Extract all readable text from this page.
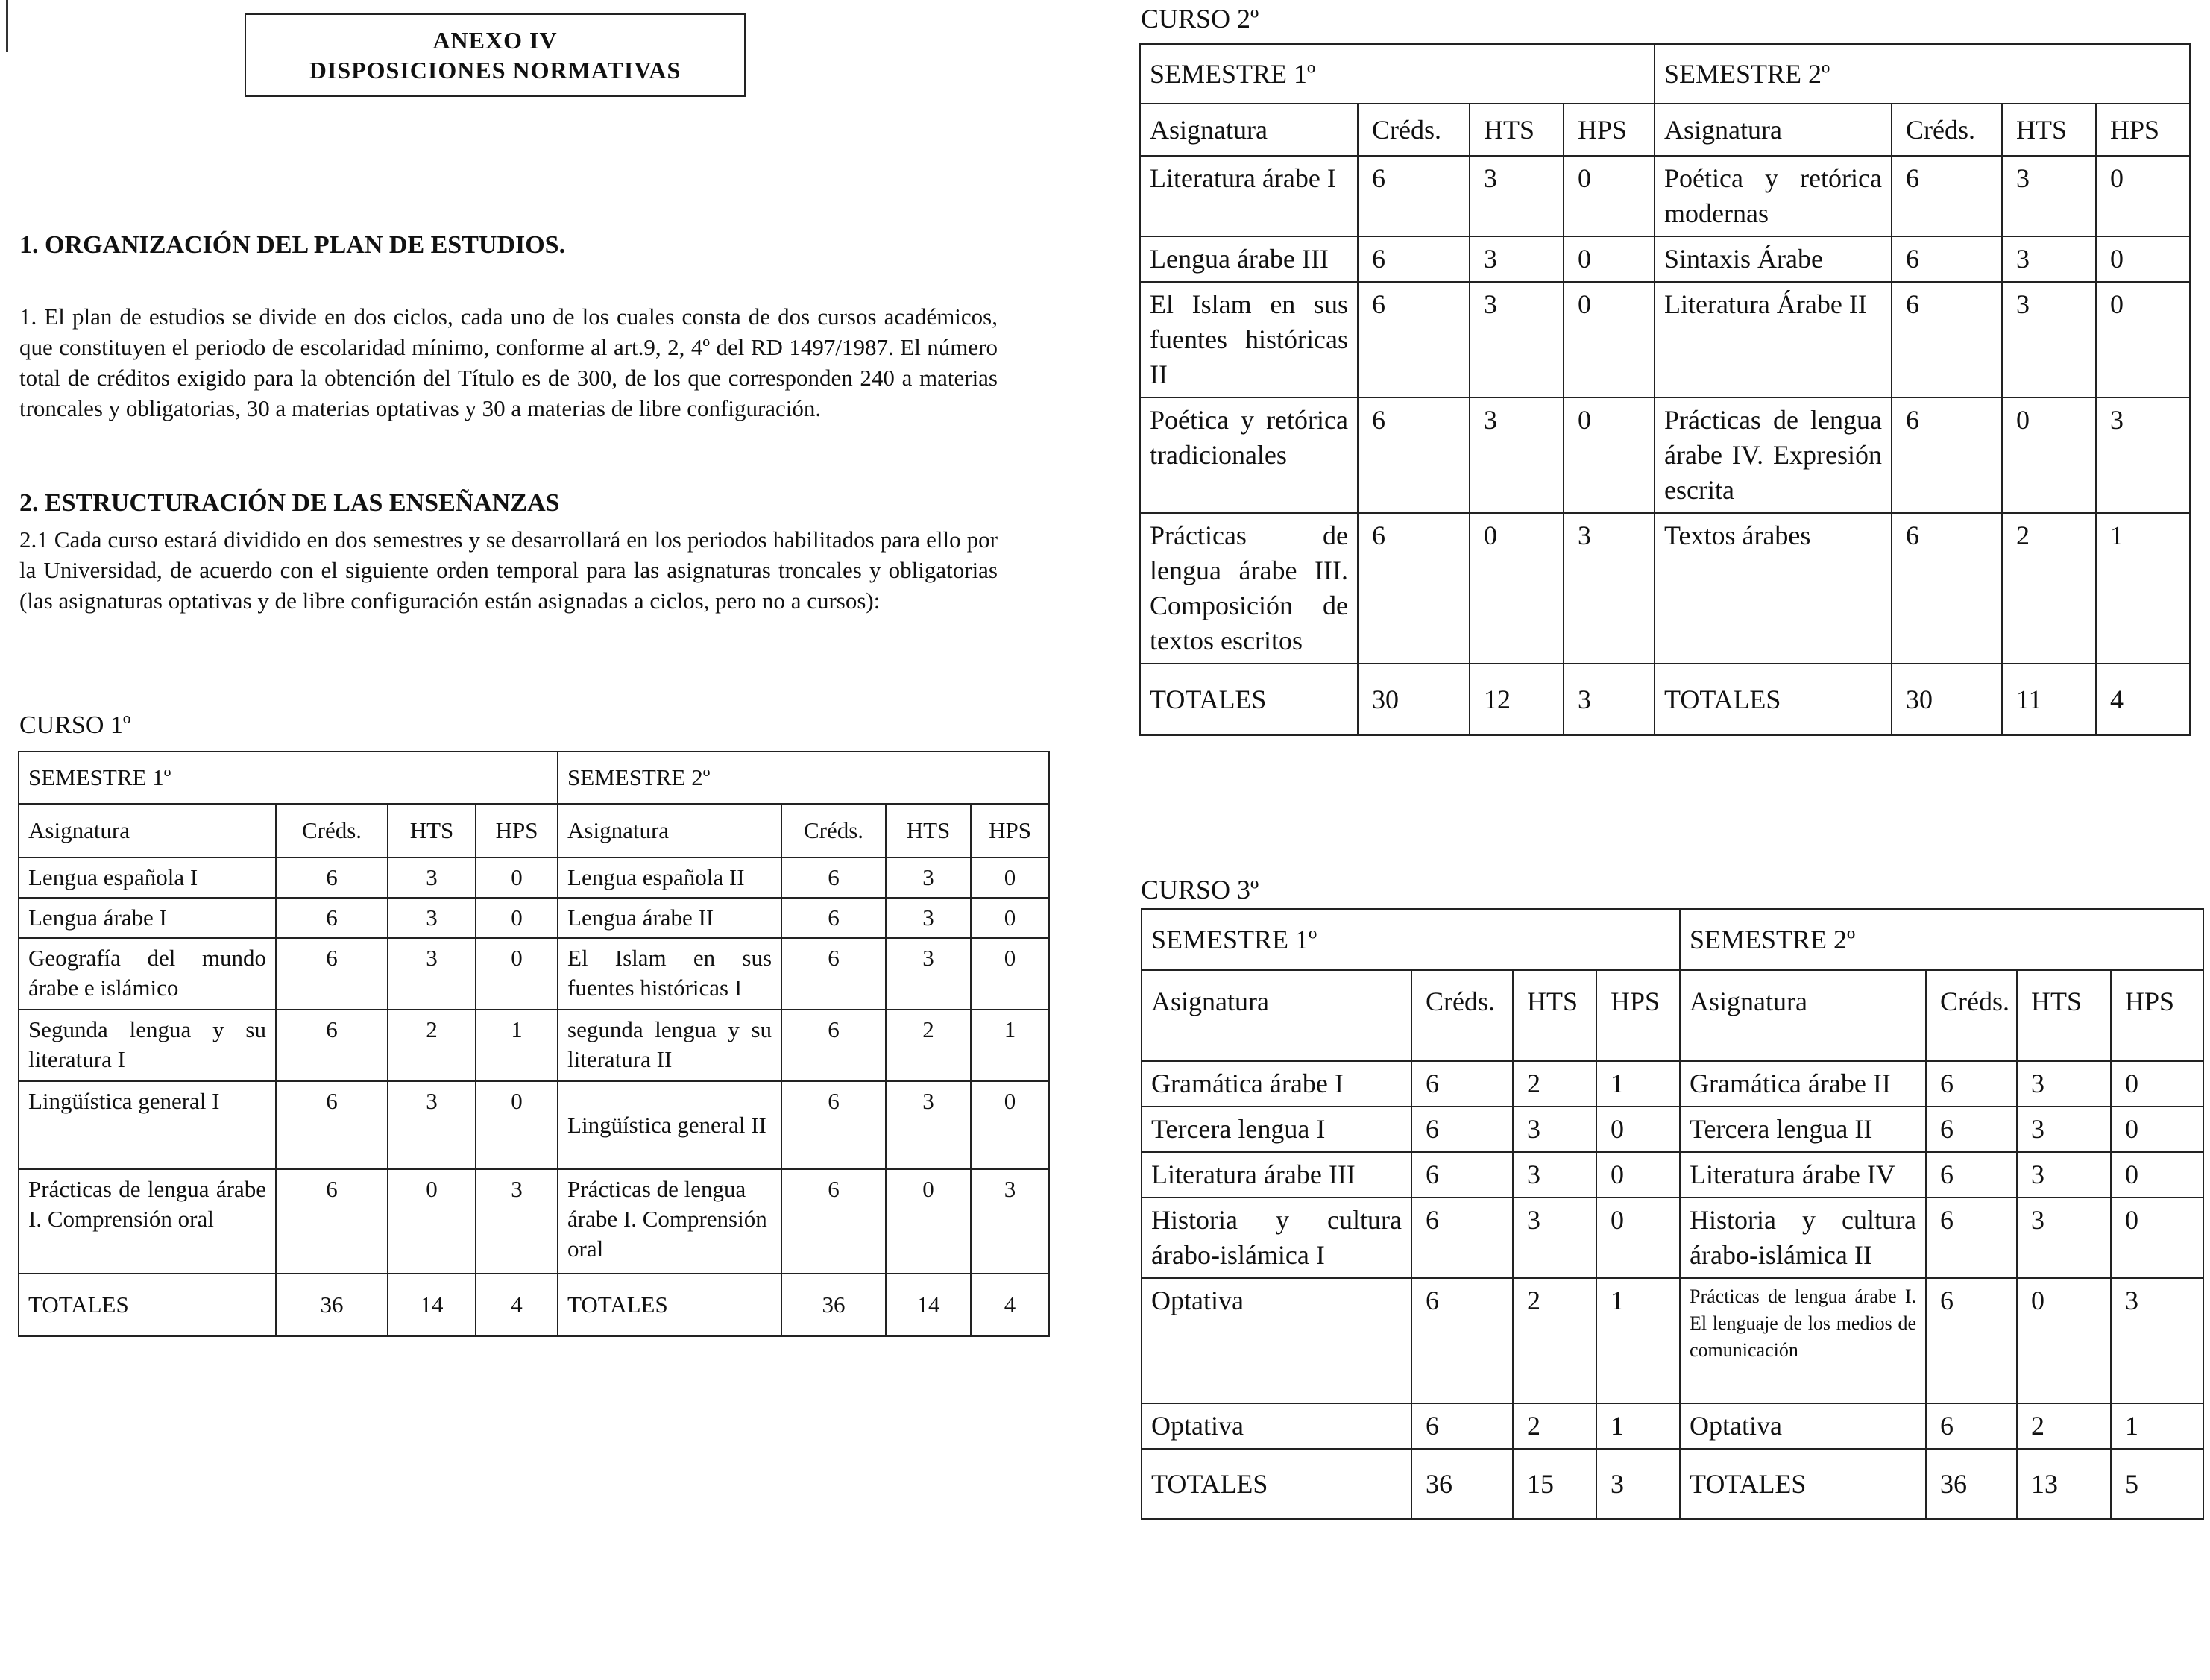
ANEXO IV
DISPOSICIONES NORMATIVAS
1. ORGANIZACIÓN DEL PLAN DE ESTUDIOS.
1. El plan de estudios se divide en dos ciclos, cada uno de los cuales consta de dos cursos académicos, que constituyen el periodo de escolaridad mínimo, conforme al art.9, 2, 4º del RD 1497/1987. El número total de créditos exigido para la obtención del Título es de 300, de los que corresponden 240 a materias troncales y obligatorias, 30 a materias optativas y 30 a materias de libre configuración.
2. ESTRUCTURACIÓN DE LAS ENSEÑANZAS
2.1 Cada curso estará dividido en dos semestres y se desarrollará en los periodos habilitados para ello por la Universidad, de acuerdo con el siguiente orden temporal para las asignaturas troncales y obligatorias (las asignaturas optativas y de libre configuración están asignadas a ciclos, pero no a cursos):
CURSO 1º
SEMESTRE 1º				SEMESTRE 2º			
Asignatura	Créds.	HTS	HPS	Asignatura	Créds.	HTS	HPS
Lengua española I	6	3	0	Lengua española II	6	3	0
Lengua árabe I	6	3	0	Lengua árabe II	6	3	0
Geografía del mundo árabe e islámico	6	3	0	El Islam en sus fuentes históricas I	6	3	0
Segunda lengua y su literatura I	6	2	1	segunda lengua y su literatura II	6	2	1
Lingüística general I	6	3	0	Lingüística general II	6	3	0
Prácticas de lengua árabe I. Comprensión oral	6	0	3	Prácticas de lengua árabe I. Comprensión oral	6	0	3
TOTALES	36	14	4	TOTALES	36	14	4
CURSO 2º
SEMESTRE 1º				SEMESTRE 2º			
Asignatura	Créds.	HTS	HPS	Asignatura	Créds.	HTS	HPS
Literatura árabe I	6	3	0	Poética y retórica modernas	6	3	0
Lengua árabe III	6	3	0	Sintaxis Árabe	6	3	0
El Islam en sus fuentes históricas II	6	3	0	Literatura Árabe II	6	3	0
Poética y retórica tradicionales	6	3	0	Prácticas de lengua árabe IV. Expresión escrita	6	0	3
Prácticas de lengua árabe III. Composición de textos escritos	6	0	3	Textos árabes	6	2	1
TOTALES	30	12	3	TOTALES	30	11	4
CURSO 3º
SEMESTRE 1º				SEMESTRE 2º			
Asignatura	Créds.	HTS	HPS	Asignatura	Créds.	HTS	HPS
Gramática árabe I	6	2	1	Gramática árabe II	6	3	0
Tercera lengua I	6	3	0	Tercera lengua II	6	3	0
Literatura árabe III	6	3	0	Literatura árabe IV	6	3	0
Historia y cultura árabo-islámica I	6	3	0	Historia y cultura árabo-islámica II	6	3	0
Optativa	6	2	1	Prácticas de lengua árabe I. El lenguaje de los medios de comunicación	6	0	3
Optativa	6	2	1	Optativa	6	2	1
TOTALES	36	15	3	TOTALES	36	13	5
